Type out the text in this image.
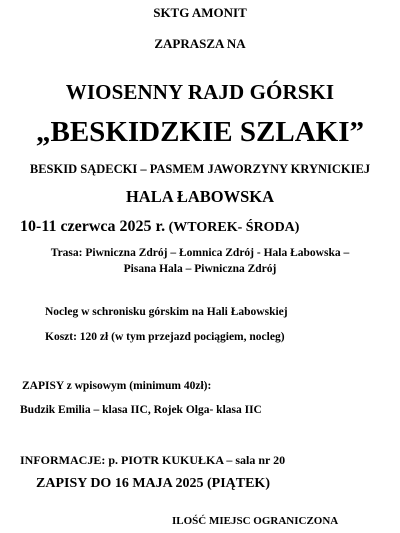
SKTG AMONIT
ZAPRASZA NA
WIOSENNY RAJD GÓRSKI
„BESKIDZKIE SZLAKI”
BESKID SĄDECKI – PASMEM JAWORZYNY KRYNICKIEJ
HALA ŁABOWSKA
10-11 czerwca 2025 r. (WTOREK- ŚRODA)
Trasa: Piwniczna Zdrój – Łomnica Zdrój - Hala Łabowska –
Pisana Hala – Piwniczna Zdrój
Nocleg w schronisku górskim na Hali Łabowskiej
Koszt: 120 zł (w tym przejazd pociągiem, nocleg)
ZAPISY z wpisowym (minimum 40zł):
Budzik Emilia – klasa IIC, Rojek Olga- klasa IIC
INFORMACJE: p. PIOTR KUKUŁKA – sala nr 20
ZAPISY DO 16 MAJA 2025 (PIĄTEK)
ILOŚĆ MIEJSC OGRANICZONA
